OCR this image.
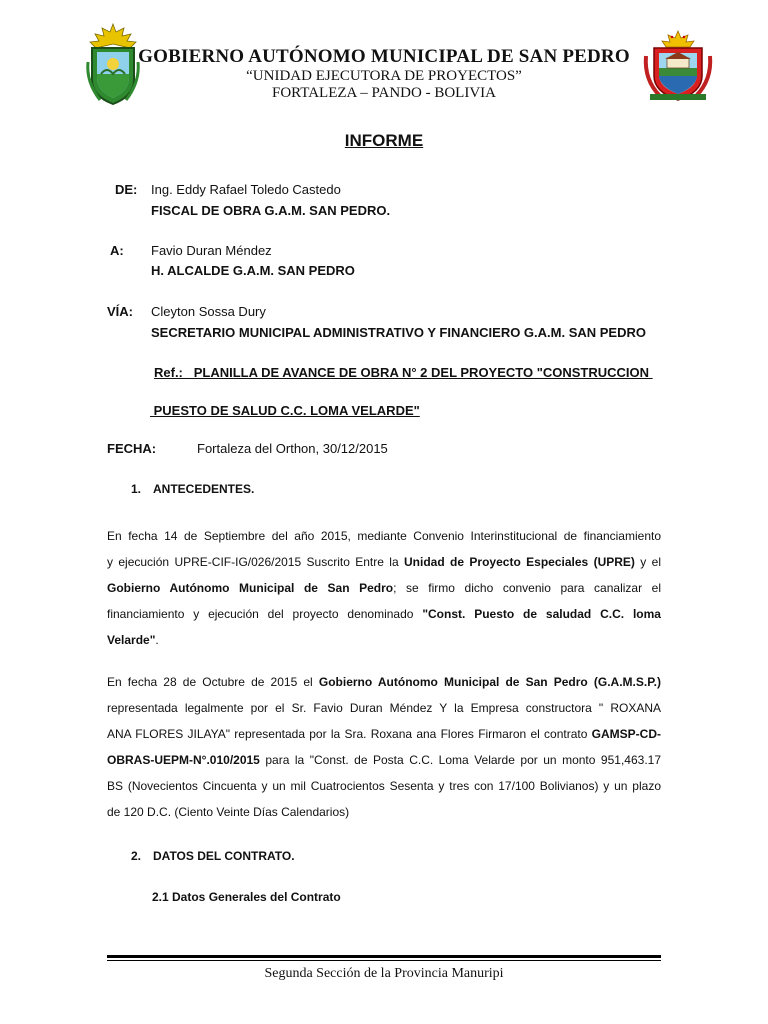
GOBIERNO AUTÓNOMO MUNICIPAL DE SAN PEDRO
“UNIDAD EJECUTORA DE PROYECTOS”
FORTALEZA – PANDO - BOLIVIA
INFORME
DE: Ing. Eddy Rafael Toledo Castedo
FISCAL DE OBRA G.A.M. SAN PEDRO.
A: Favio Duran Méndez
H. ALCALDE G.A.M. SAN PEDRO
VÍA: Cleyton Sossa Dury
SECRETARIO MUNICIPAL ADMINISTRATIVO Y FINANCIERO G.A.M. SAN PEDRO
Ref.:   PLANILLA DE AVANCE DE OBRA N° 2 DEL PROYECTO "CONSTRUCCION
PUESTO DE SALUD C.C. LOMA VELARDE"
FECHA:	Fortaleza del Orthon, 30/12/2015
1. ANTECEDENTES.
En fecha 14 de Septiembre del año 2015, mediante Convenio Interinstitucional de financiamiento
y ejecución UPRE-CIF-IG/026/2015 Suscrito Entre la Unidad de Proyecto Especiales (UPRE) y el
Gobierno Autónomo Municipal de San Pedro; se firmo dicho convenio para canalizar el
financiamiento y ejecución del proyecto denominado "Const. Puesto de saludad C.C. loma
Velarde".
En fecha 28 de Octubre de 2015 el Gobierno Autónomo Municipal de San Pedro (G.A.M.S.P.)
representada legalmente por el Sr. Favio Duran Méndez Y la Empresa constructora " ROXANA
ANA FLORES JILAYA" representada por la Sra. Roxana ana Flores Firmaron el contrato GAMSP-CD-
OBRAS-UEPM-N°.010/2015 para la "Const. de Posta C.C. Loma Velarde por un monto 951,463.17
BS (Novecientos Cincuenta y un mil Cuatrocientos Sesenta y tres con 17/100 Bolivianos) y un plazo
de 120 D.C. (Ciento Veinte Días Calendarios)
2. DATOS DEL CONTRATO.
2.1 Datos Generales del Contrato
Segunda Sección de la Provincia Manuripi
